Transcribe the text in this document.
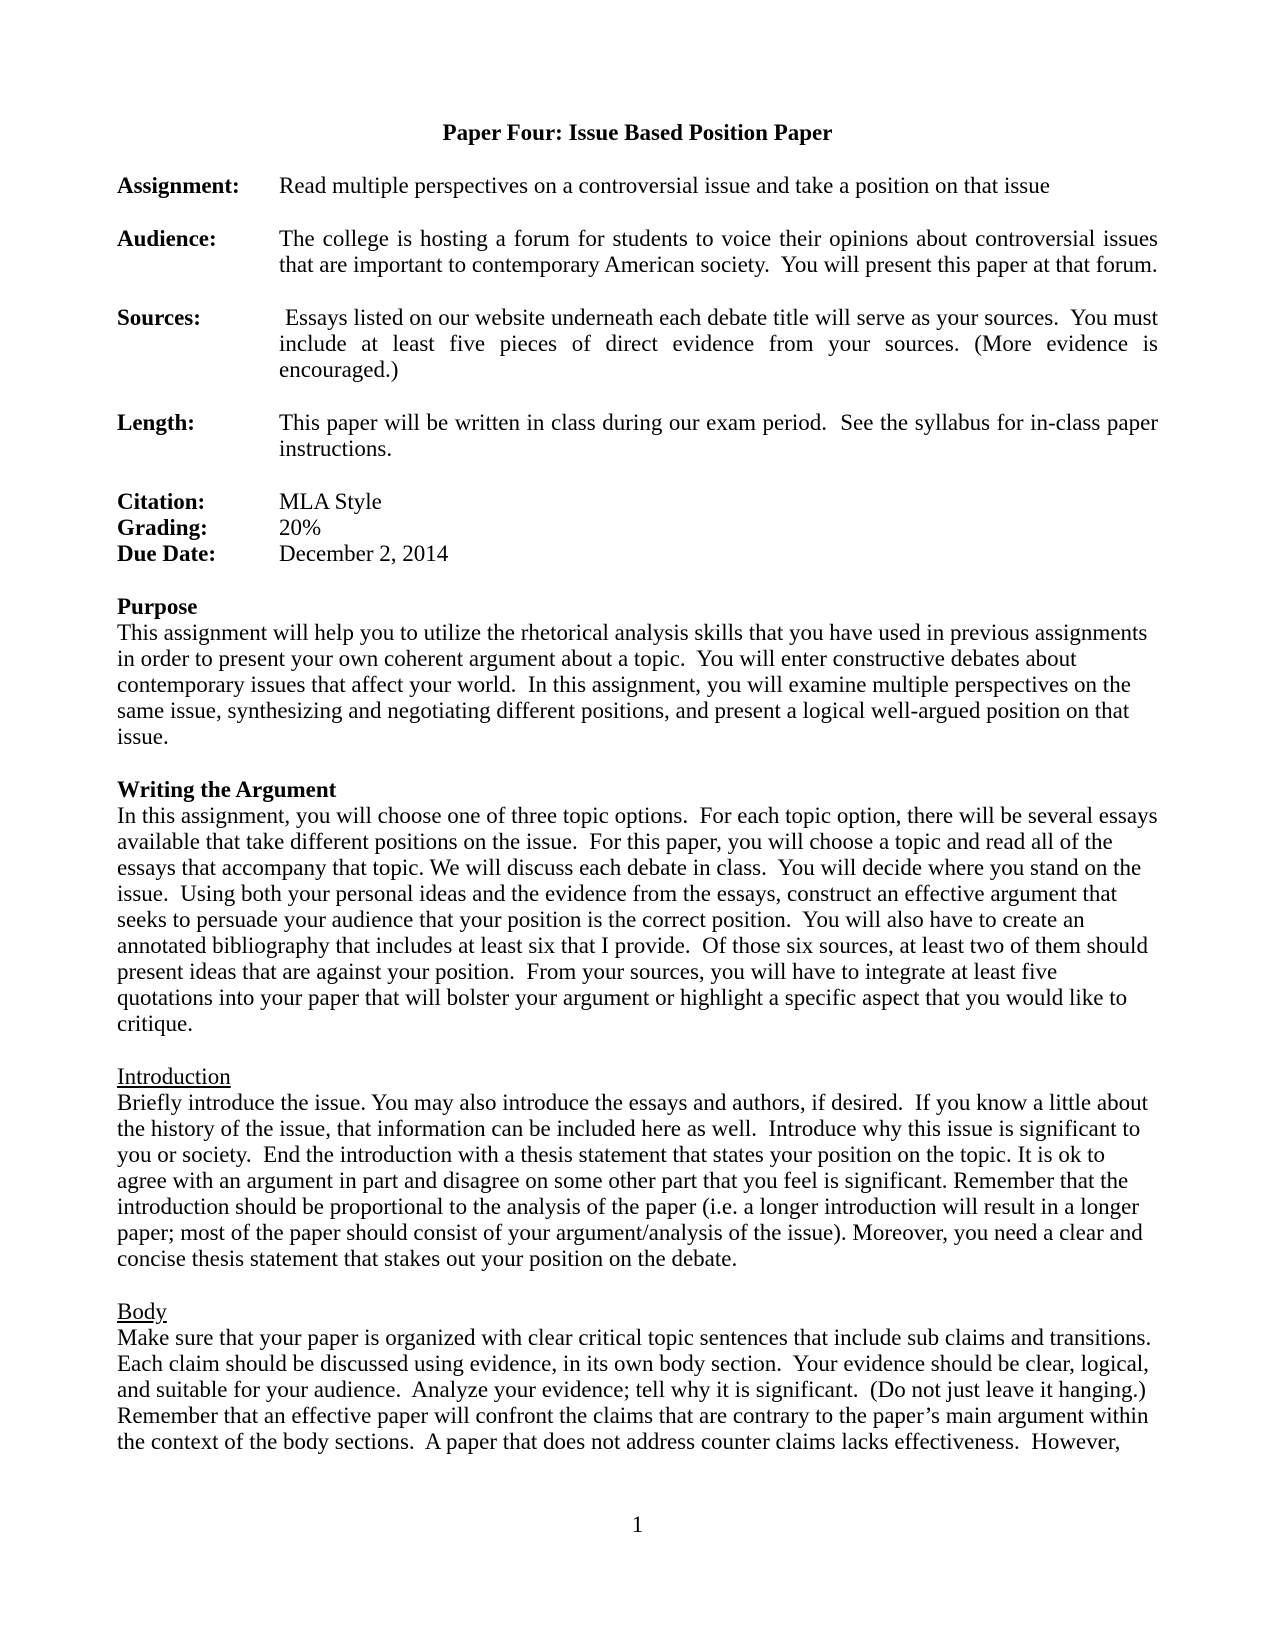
Paper Four: Issue Based Position Paper
Assignment:	Read multiple perspectives on a controversial issue and take a position on that issue
Audience:	The college is hosting a forum for students to voice their opinions about controversial issues that are important to contemporary American society.  You will present this paper at that forum.
Sources:	Essays listed on our website underneath each debate title will serve as your sources.  You must include at least five pieces of direct evidence from your sources. (More evidence is encouraged.)
Length:	This paper will be written in class during our exam period.  See the syllabus for in-class paper instructions.
Citation:	MLA Style
Grading:	20%
Due Date:	December 2, 2014
Purpose
This assignment will help you to utilize the rhetorical analysis skills that you have used in previous assignments in order to present your own coherent argument about a topic.  You will enter constructive debates about contemporary issues that affect your world.  In this assignment, you will examine multiple perspectives on the same issue, synthesizing and negotiating different positions, and present a logical well-argued position on that issue.
Writing the Argument
In this assignment, you will choose one of three topic options.  For each topic option, there will be several essays available that take different positions on the issue.  For this paper, you will choose a topic and read all of the essays that accompany that topic. We will discuss each debate in class.  You will decide where you stand on the issue.  Using both your personal ideas and the evidence from the essays, construct an effective argument that seeks to persuade your audience that your position is the correct position.  You will also have to create an annotated bibliography that includes at least six that I provide.  Of those six sources, at least two of them should present ideas that are against your position.  From your sources, you will have to integrate at least five quotations into your paper that will bolster your argument or highlight a specific aspect that you would like to critique.
Introduction
Briefly introduce the issue. You may also introduce the essays and authors, if desired.  If you know a little about the history of the issue, that information can be included here as well.  Introduce why this issue is significant to you or society.  End the introduction with a thesis statement that states your position on the topic. It is ok to agree with an argument in part and disagree on some other part that you feel is significant. Remember that the introduction should be proportional to the analysis of the paper (i.e. a longer introduction will result in a longer paper; most of the paper should consist of your argument/analysis of the issue). Moreover, you need a clear and concise thesis statement that stakes out your position on the debate.
Body
Make sure that your paper is organized with clear critical topic sentences that include sub claims and transitions.  Each claim should be discussed using evidence, in its own body section.  Your evidence should be clear, logical, and suitable for your audience.  Analyze your evidence; tell why it is significant.  (Do not just leave it hanging.) Remember that an effective paper will confront the claims that are contrary to the paper’s main argument within the context of the body sections.  A paper that does not address counter claims lacks effectiveness.  However,
1
